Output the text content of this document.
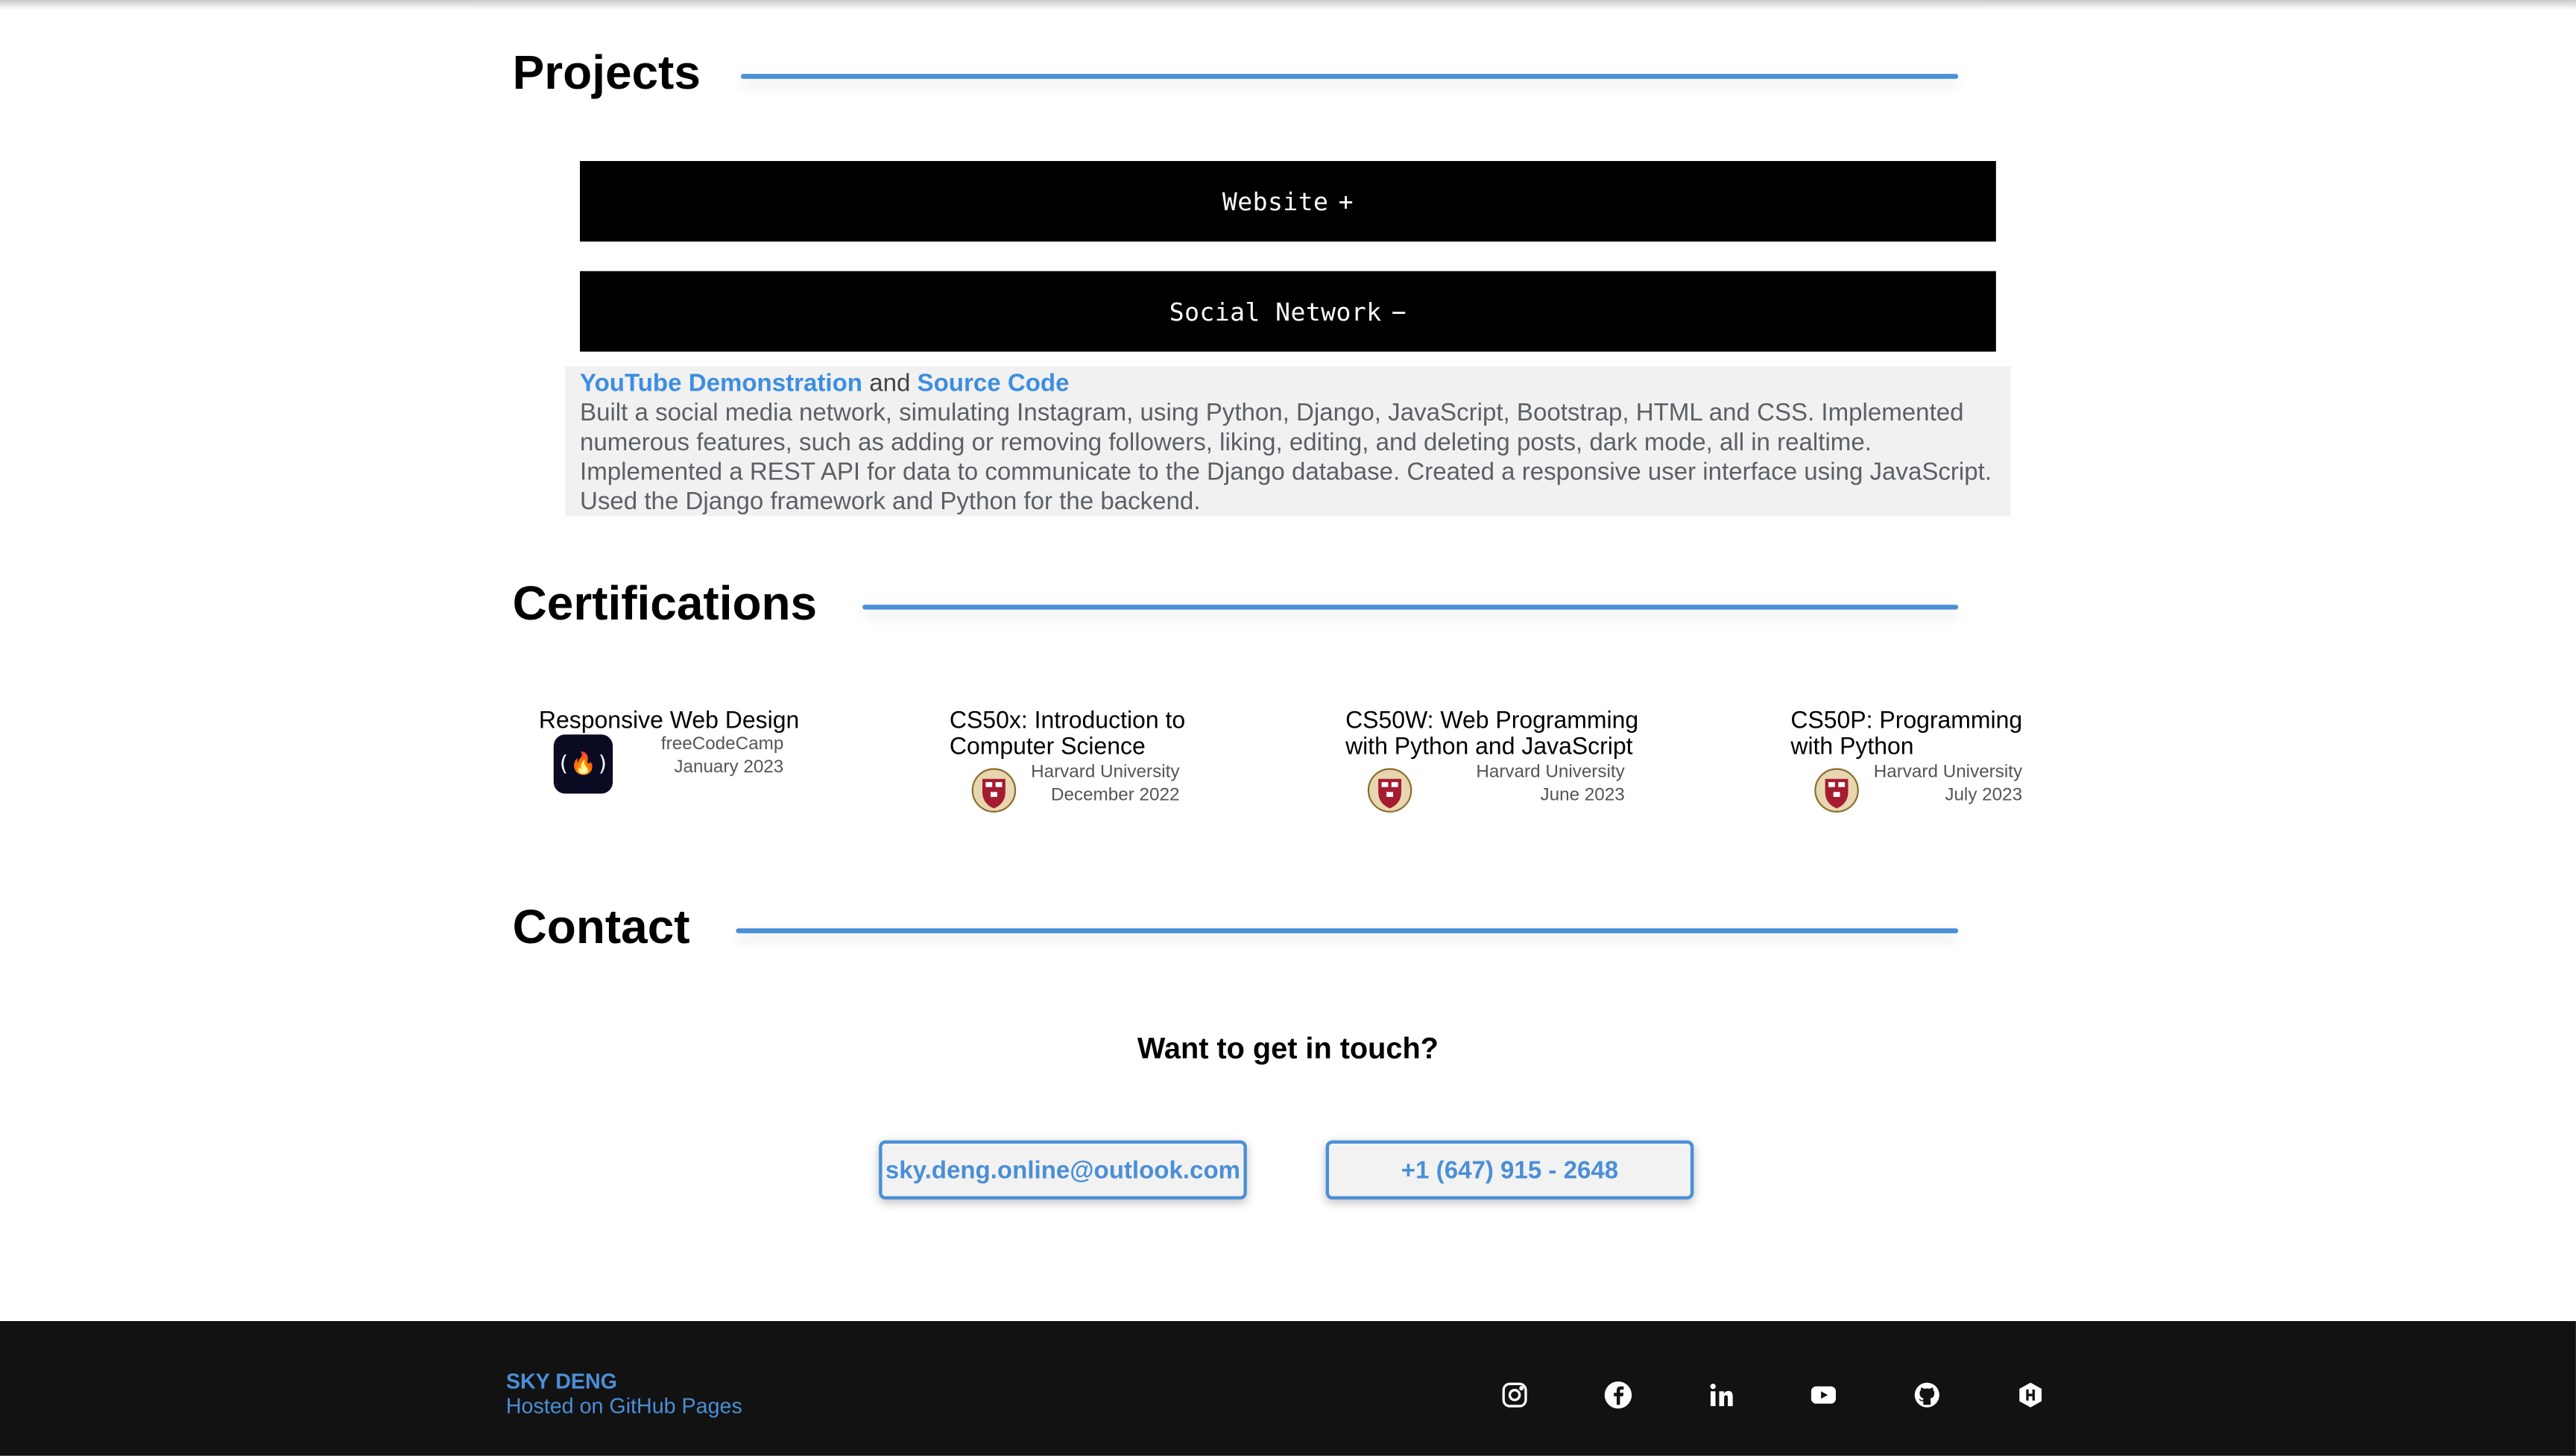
Projects
Website +
Social Network −
YouTube Demonstration and Source Code
Built a social media network, simulating Instagram, using Python, Django, JavaScript, Bootstrap, HTML and CSS. Implemented numerous features, such as adding or removing followers, liking, editing, and deleting posts, dark mode, all in realtime. Implemented a REST API for data to communicate to the Django database. Created a responsive user interface using JavaScript. Used the Django framework and Python for the backend.
Certifications
Responsive Web Design
(🔥)
freeCodeCamp
January 2023
CS50x: Introduction to Computer Science
Harvard University
December 2022
CS50W: Web Programming with Python and JavaScript
Harvard University
June 2023
CS50P: Programming with Python
Harvard University
July 2023
Contact
Want to get in touch?
sky.deng.online@outlook.com	+1 (647) 915 - 2648
SKY DENG
Hosted on GitHub Pages
